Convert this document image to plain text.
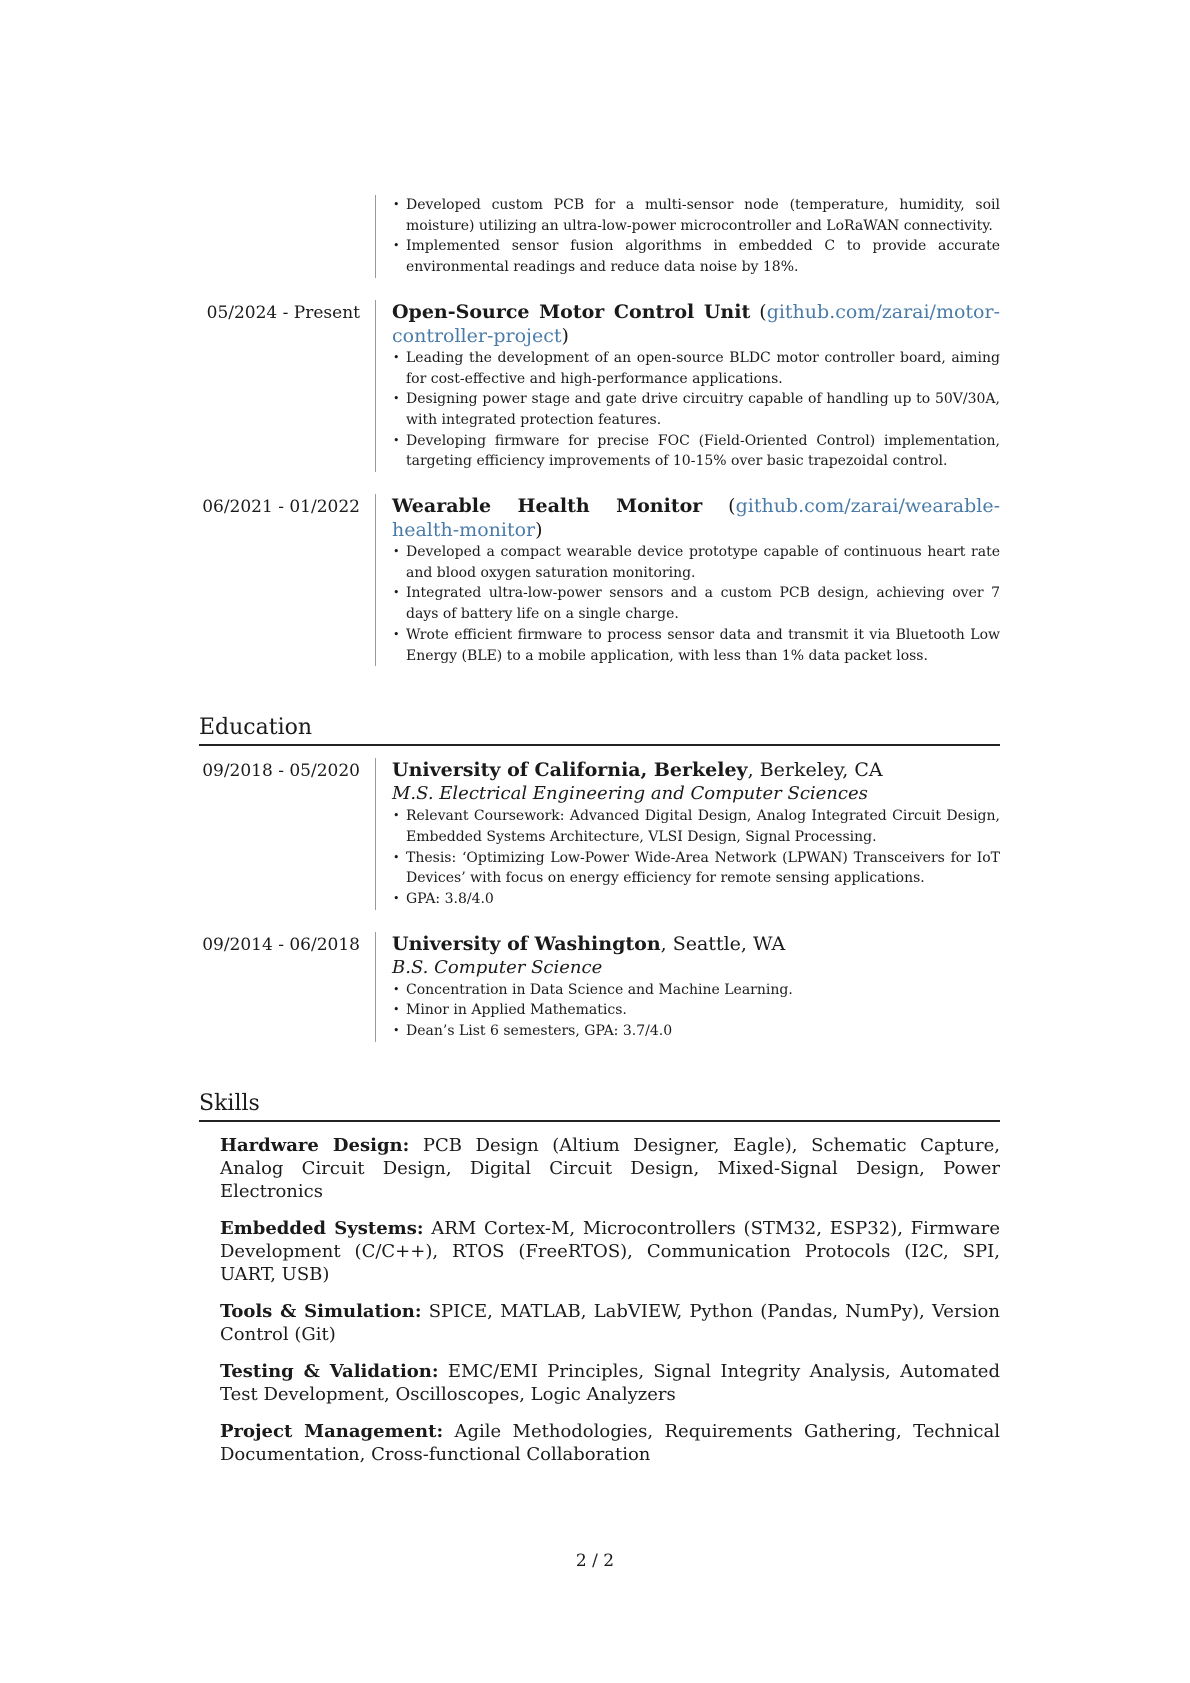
• Developed custom PCB for a multi-sensor node (temperature, humidity, soil moisture) utilizing an ultra-low-power microcontroller and LoRaWAN connectivity.
• Implemented sensor fusion algorithms in embedded C to provide accurate environmental readings and reduce data noise by 18%.
05/2024 - Present	Open-Source Motor Control Unit (github.com/zarai/motor-controller-project)
• Leading the development of an open-source BLDC motor controller board, aiming for cost-effective and high-performance applications.
• Designing power stage and gate drive circuitry capable of handling up to 50V/30A, with integrated protection features.
• Developing firmware for precise FOC (Field-Oriented Control) implementation, targeting efficiency improvements of 10-15% over basic trapezoidal control.
06/2021 - 01/2022	Wearable Health Monitor (github.com/zarai/wearable-health-monitor)
• Developed a compact wearable device prototype capable of continuous heart rate and blood oxygen saturation monitoring.
• Integrated ultra-low-power sensors and a custom PCB design, achieving over 7 days of battery life on a single charge.
• Wrote efficient firmware to process sensor data and transmit it via Bluetooth Low Energy (BLE) to a mobile application, with less than 1% data packet loss.
Education
09/2018 - 05/2020	University of California, Berkeley, Berkeley, CA
M.S. Electrical Engineering and Computer Sciences
• Relevant Coursework: Advanced Digital Design, Analog Integrated Circuit Design, Embedded Systems Architecture, VLSI Design, Signal Processing.
• Thesis: ‘Optimizing Low-Power Wide-Area Network (LPWAN) Transceivers for IoT Devices’ with focus on energy efficiency for remote sensing applications.
• GPA: 3.8/4.0
09/2014 - 06/2018	University of Washington, Seattle, WA
B.S. Computer Science
• Concentration in Data Science and Machine Learning.
• Minor in Applied Mathematics.
• Dean’s List 6 semesters, GPA: 3.7/4.0
Skills
Hardware Design: PCB Design (Altium Designer, Eagle), Schematic Capture, Analog Circuit Design, Digital Circuit Design, Mixed-Signal Design, Power Electronics
Embedded Systems: ARM Cortex-M, Microcontrollers (STM32, ESP32), Firmware Development (C/C++), RTOS (FreeRTOS), Communication Protocols (I2C, SPI, UART, USB)
Tools & Simulation: SPICE, MATLAB, LabVIEW, Python (Pandas, NumPy), Version Control (Git)
Testing & Validation: EMC/EMI Principles, Signal Integrity Analysis, Automated Test Development, Oscilloscopes, Logic Analyzers
Project Management: Agile Methodologies, Requirements Gathering, Technical Documentation, Cross-functional Collaboration
2 / 2
